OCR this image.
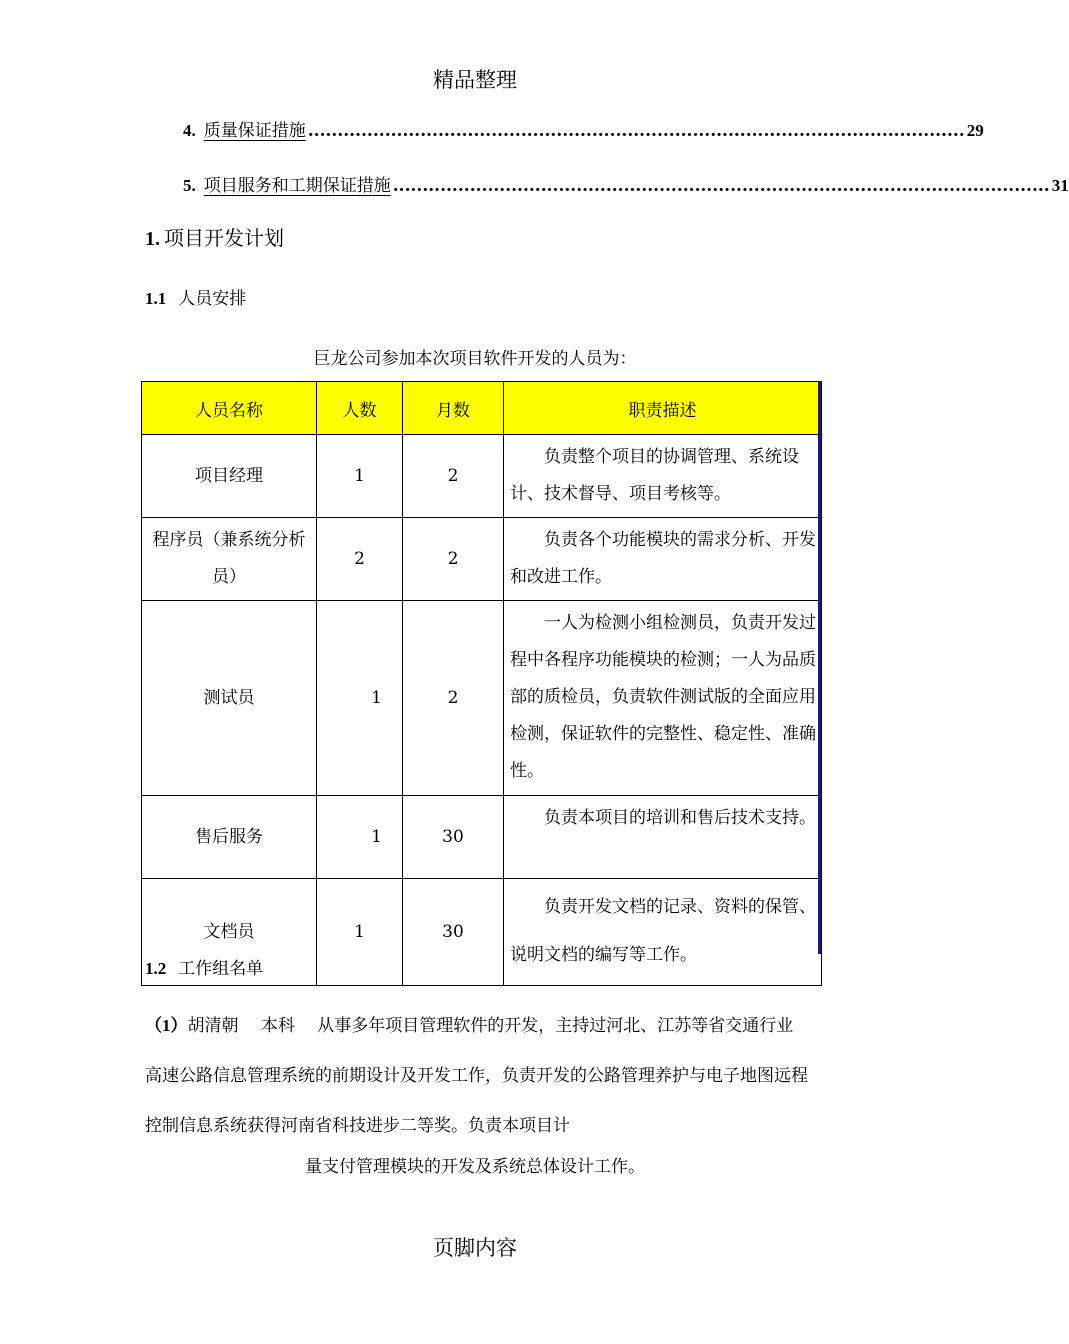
精品整理
4. 质量保证措施 ............................................................................................................... 29
5. 项目服务和工期保证措施 ............................................................................................................... 31
1. 项目开发计划
1.1 人员安排
巨龙公司参加本次项目软件开发的人员为：
人员名称	人数	月数	职责描述
项目经理	1	2	负责整个项目的协调管理、系统设计、技术督导、项目考核等。
程序员（兼系统分析员）	2	2	负责各个功能模块的需求分析、开发和改进工作。
测试员	1	2	一人为检测小组检测员，负责开发过程中各程序功能模块的检测；一人为品质部的质检员，负责软件测试版的全面应用检测，保证软件的完整性、稳定性、准确性。
售后服务	1	30	负责本项目的培训和售后技术支持。
文档员	1	30	负责开发文档的记录、资料的保管、说明文档的编写等工作。
1.2 工作组名单
（1）胡清朝　 本科　 从事多年项目管理软件的开发，主持过河北、江苏等省交通行业高速公路信息管理系统的前期设计及开发工作，负责开发的公路管理养护与电子地图远程控制信息系统获得河南省科技进步二等奖。负责本项目计
量支付管理模块的开发及系统总体设计工作。
页脚内容
